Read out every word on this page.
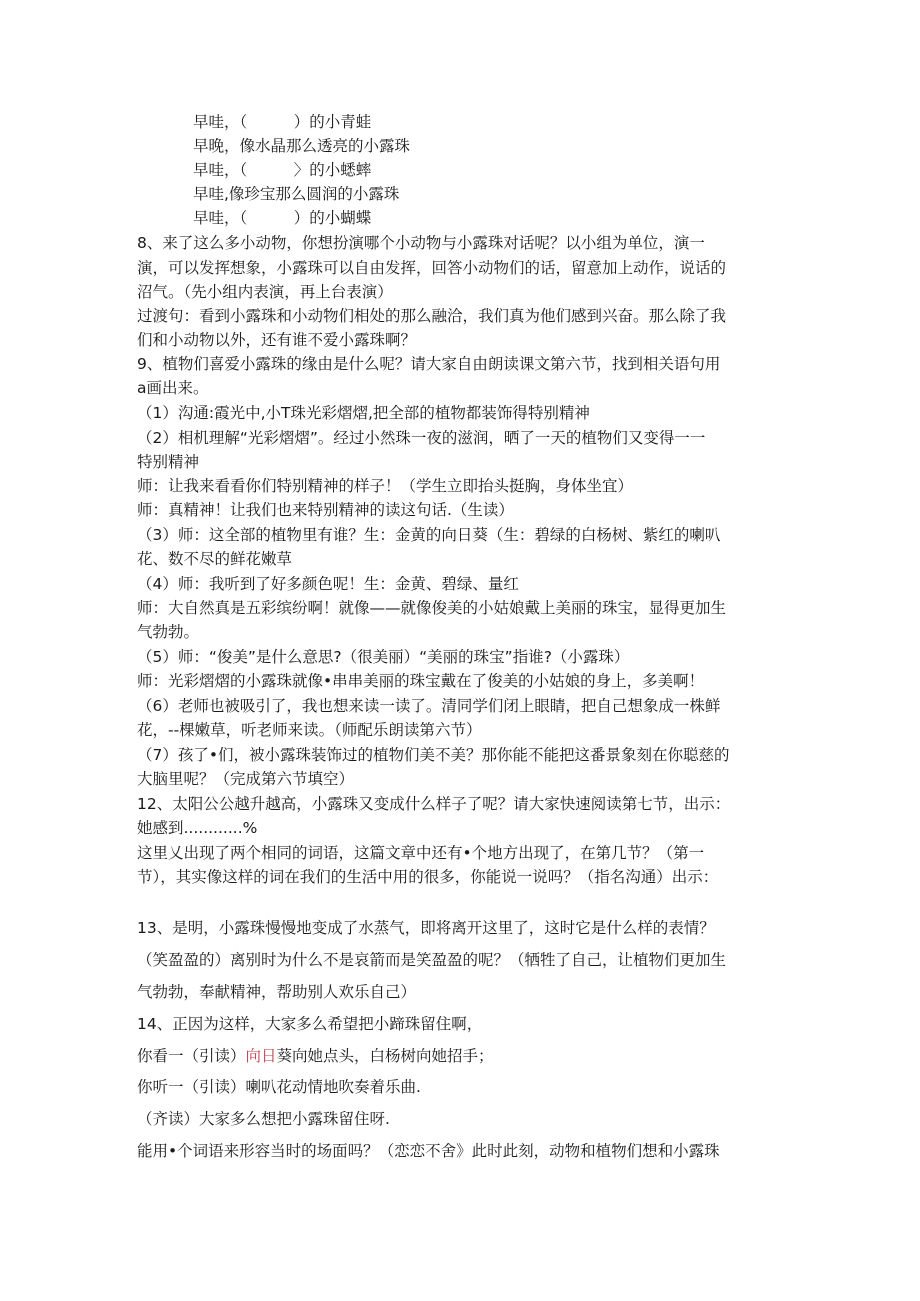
早哇，（　　　）的小青蛙
早晚，像水晶那么透亮的小露珠
早哇，（　　　〉的小蟋蟀
早哇,像珍宝那么圆润的小露珠
早哇，（　　　）的小蝴蝶
8、来了这么多小动物，你想扮演哪个小动物与小露珠对话呢？以小组为单位，演一
演，可以发挥想象，小露珠可以自由发挥，回答小动物们的话，留意加上动作，说话的
沼气。（先小组内表演，再上台表演）
过渡句：看到小露珠和小动物们相处的那么融洽，我们真为他们感到兴奋。那么除了我
们和小动物以外，还有谁不爱小露珠啊？
9、植物们喜爱小露珠的缘由是什么呢？请大家自由朗读课文第六节，找到相关语句用
a画出来。
（1）沟通:霞光中,小T珠光彩熠熠,把全部的植物都装饰得特别精神
（2）相机理解“光彩熠熠”。经过小然珠一夜的滋润，晒了一天的植物们又变得一一
特别精神
师：让我来看看你们特别精神的样子！（学生立即抬头挺胸，身体坐宜）
师：真精神！让我们也来特别精神的读这句话.（生读）
（3）师：这全部的植物里有谁？生：金黄的向日葵（生：碧绿的白杨树、紫红的喇叭
花、数不尽的鲜花嫩草
（4）师：我听到了好多颜色呢！生：金黄、碧绿、量红
师：大自然真是五彩缤纷啊！就像——就像俊美的小姑娘戴上美丽的珠宝，显得更加生
气勃勃。
（5）师：“俊美”是什么意思?（很美丽）“美丽的珠宝”指谁?（小露珠）
师：光彩熠熠的小露珠就像•串串美丽的珠宝戴在了俊美的小姑娘的身上，多美啊！
（6）老师也被吸引了，我也想来读一读了。清同学们闭上眼睛，把自己想象成一株鲜
花，--棵嫩草，听老师来读。（师配乐朗读第六节）
（7）孩了•们，被小露珠装饰过的植物们美不美？那你能不能把这番景象刻在你聪慈的
大脑里呢？（完成第六节填空）
12、太阳公公越升越高，小露珠又变成什么样子了呢？请大家快速阅读第七节，出示：
她感到............%
这里乂出现了两个相同的词语，这篇文章中还有•个地方出现了，在第几节？（第一
节），其实像这样的词在我们的生活中用的很多，你能说一说吗？（指名沟通）出示：
13、是明，小露珠慢慢地变成了水蒸气，即将离开这里了，这时它是什么样的表情？
（笑盈盈的）离别时为什么不是哀箭而是笑盈盈的呢？（牺牲了自己，让植物们更加生
气勃勃，奉献精神，帮助别人欢乐自己）
14、正因为这样，大家多么希望把小蹄珠留住啊，
你看一（引读）向日葵向她点头，白杨树向她招手；
你听一（引读）喇叭花动情地吹奏着乐曲.
（齐读）大家多么想把小露珠留住呀.
能用•个词语来形容当时的场面吗？（恋恋不舍》此时此刻，动物和植物们想和小露珠
